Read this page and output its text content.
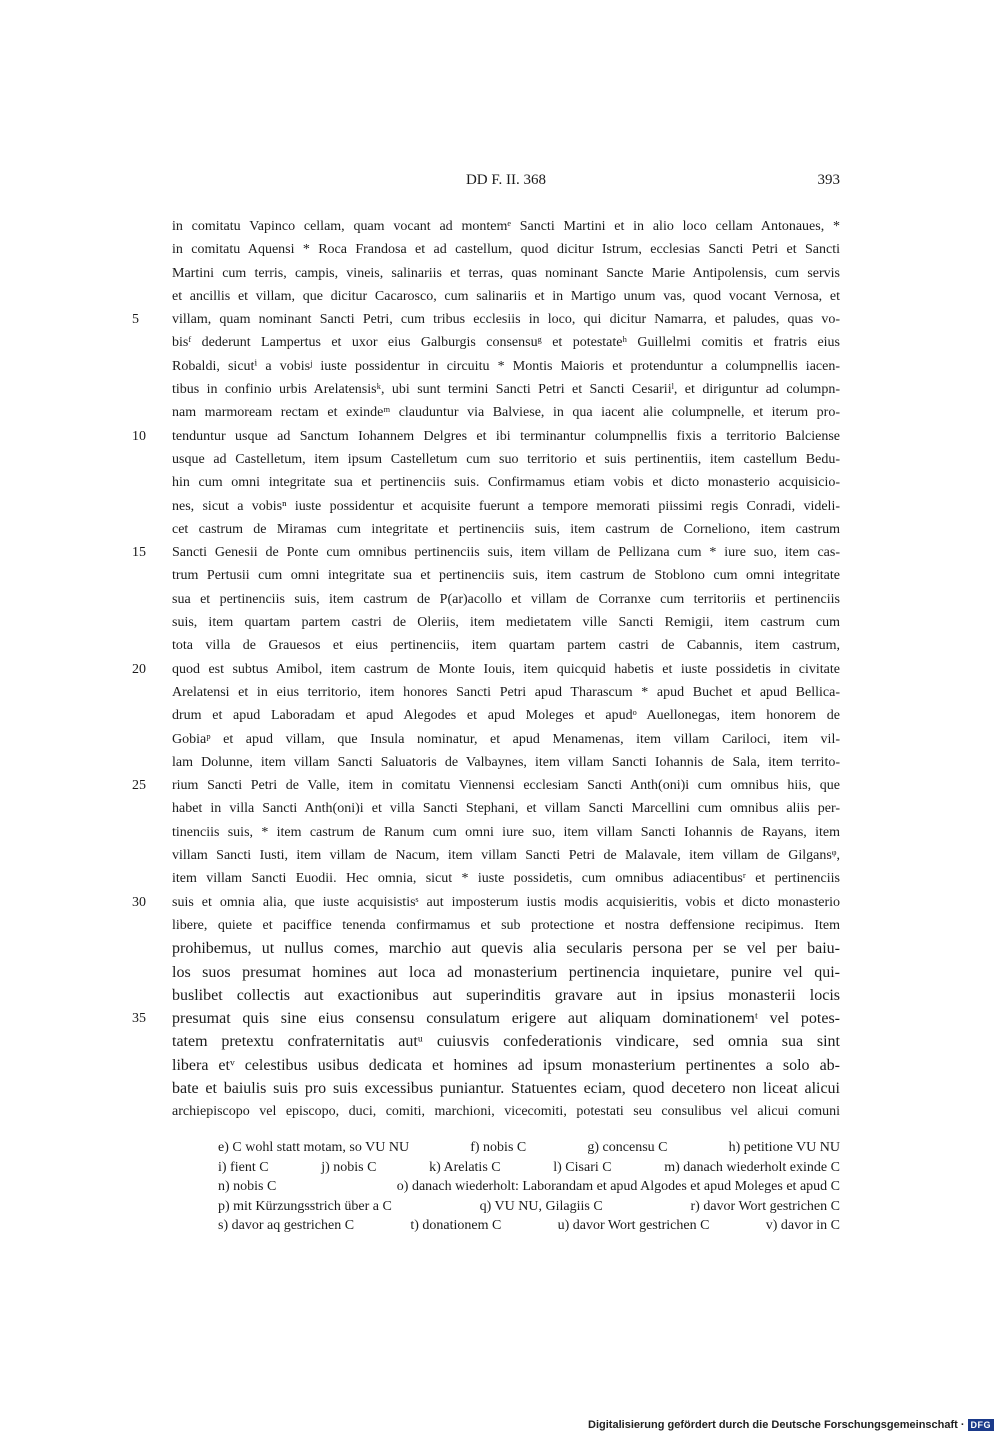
DD F. II. 368	393
in comitatu Vapinco cellam, quam vocant ad montemᵉ Sancti Martini et in alio loco cellam Antonaues, *
in comitatu Aquensi * Roca Frandosa et ad castellum, quod dicitur Istrum, ecclesias Sancti Petri et Sancti
Martini cum terris, campis, vineis, salinariis et terras, quas nominant Sancte Marie Antipolensis, cum servis
et ancillis et villam, que dicitur Cacarosco, cum salinariis et in Martigo unum vas, quod vocant Vernosa, et
5	villam, quam nominant Sancti Petri, cum tribus ecclesiis in loco, qui dicitur Namarra, et paludes, quas vo-
bisᶠ dederunt Lampertus et uxor eius Galburgis consensuᵍ et potestateʰ Guillelmi comitis et fratris eius
Robaldi, sicutⁱ a vobisʲ iuste possidentur in circuitu * Montis Maioris et protenduntur a columpnellis iacen-
tibus in confinio urbis Arelatensisᵏ, ubi sunt termini Sancti Petri et Sancti Cesariiˡ, et diriguntur ad columpn-
nam marmoream rectam et exindeᵐ clauduntur via Balviese, in qua iacent alie columpnelle, et iterum pro-
10	tenduntur usque ad Sanctum Iohannem Delgres et ibi terminantur columpnellis fixis a territorio Balciense
usque ad Castelletum, item ipsum Castelletum cum suo territorio et suis pertinentiis, item castellum Bedu-
hin cum omni integritate sua et pertinenciis suis. Confirmamus etiam vobis et dicto monasterio acquisicio-
nes, sicut a vobisⁿ iuste possidentur et acquisite fuerunt a tempore memorati piissimi regis Conradi, videli-
cet castrum de Miramas cum integritate et pertinenciis suis, item castrum de Corneliono, item castrum
15	Sancti Genesii de Ponte cum omnibus pertinenciis suis, item villam de Pellizana cum * iure suo, item cas-
trum Pertusii cum omni integritate sua et pertinenciis suis, item castrum de Stoblono cum omni integritate
sua et pertinenciis suis, item castrum de P(ar)acollo et villam de Corranxe cum territoriis et pertinenciis
suis, item quartam partem castri de Oleriis, item medietatem ville Sancti Remigii, item castrum cum
tota villa de Grauesos et eius pertinenciis, item quartam partem castri de Cabannis, item castrum,
20	quod est subtus Amibol, item castrum de Monte Iouis, item quicquid habetis et iuste possidetis in civitate
Arelatensi et in eius territorio, item honores Sancti Petri apud Tharascum * apud Buchet et apud Bellica-
drum et apud Laboradam et apud Alegodes et apud Moleges et apudᵒ Auellonegas, item honorem de
Gobiaᵖ et apud villam, que Insula nominatur, et apud Menamenas, item villam Cariloci, item vil-
lam Dolunne, item villam Sancti Saluatoris de Valbaynes, item villam Sancti Iohannis de Sala, item territo-
25	rium Sancti Petri de Valle, item in comitatu Viennensi ecclesiam Sancti Anth(oni)i cum omnibus hiis, que
habet in villa Sancti Anth(oni)i et villa Sancti Stephani, et villam Sancti Marcellini cum omnibus aliis per-
tinenciis suis, * item castrum de Ranum cum omni iure suo, item villam Sancti Iohannis de Rayans, item
villam Sancti Iusti, item villam de Nacum, item villam Sancti Petri de Malavale, item villam de Gilgansᵠ,
item villam Sancti Euodii. Hec omnia, sicut * iuste possidetis, cum omnibus adiacentibusʳ et pertinenciis
30	suis et omnia alia, que iuste acquisistisˢ aut imposterum iustis modis acquisieritis, vobis et dicto monasterio
libere, quiete et paciffice tenenda confirmamus et sub protectione et nostra deffensione recipimus. Item
prohibemus, ut nullus comes, marchio aut quevis alia secularis persona per se vel per baiu-
los suos presumat homines aut loca ad monasterium pertinencia inquietare, punire vel qui-
buslibet collectis aut exactionibus aut superinditis gravare aut in ipsius monasterii locis
35	presumat quis sine eius consensu consulatum erigere aut aliquam dominationemᵗ vel potes-
tatem pretextu confraternitatis autᵘ cuiusvis confederationis vindicare, sed omnia sua sint
libera etᵛ celestibus usibus dedicata et homines ad ipsum monasterium pertinentes a solo ab-
bate et baiulis suis pro suis excessibus puniantur. Statuentes eciam, quod decetero non liceat alicui
archiepiscopo vel episcopo, duci, comiti, marchioni, vicecomiti, potestati seu consulibus vel alicui comuni
e) C wohl statt motam, so VU NU	f) nobis C	g) concensu C	h) petitione VU NU
i) fient C	j) nobis C	k) Arelatis C	l) Cisari C	m) danach wiederholt exinde C
n) nobis C	o) danach wiederholt: Laborandam et apud Algodes et apud Moleges et apud C
p) mit Kürzungsstrich über a C	q) VU NU, Gilagiis C	r) davor Wort gestrichen C
s) davor aq gestrichen C	t) donationem C	u) davor Wort gestrichen C	v) davor in C
Digitalisierung gefördert durch die Deutsche Forschungsgemeinschaft · DFG
